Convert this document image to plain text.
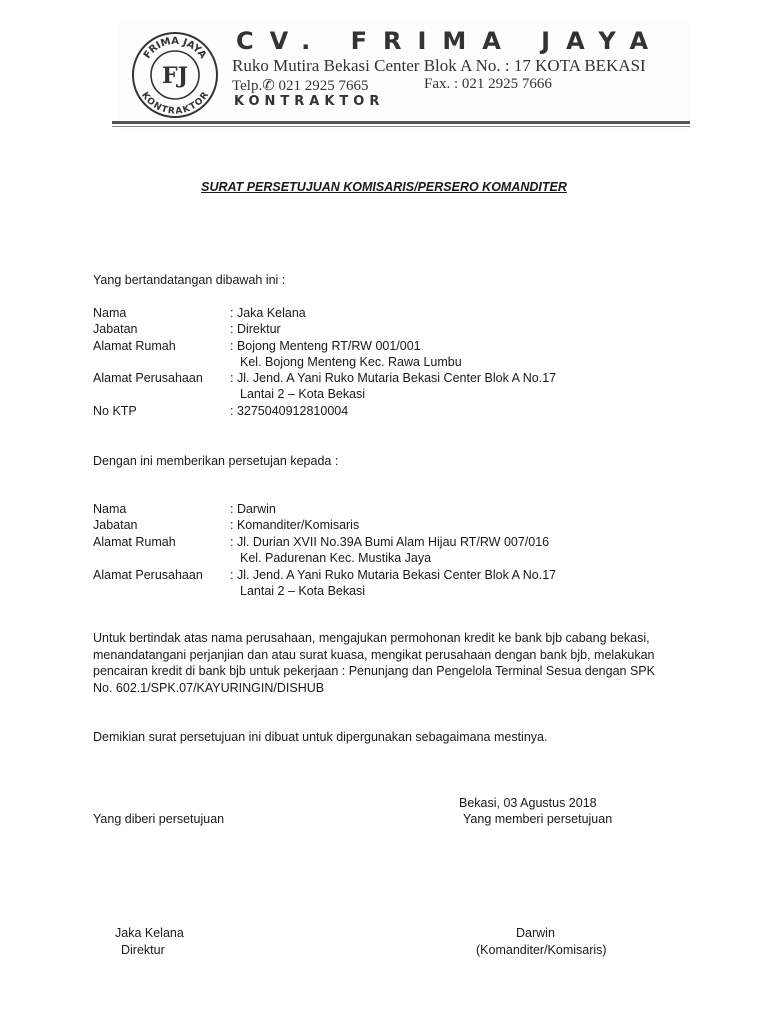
FRIMA JAYA
KONTRAKTOR
FJ
CV. FRIMA JAYA
Ruko Mutira Bekasi Center Blok A No. : 17 KOTA BEKASI
Telp.✆ 021 2925 7665	Fax. : 021 2925 7666
KONTRAKTOR
SURAT PERSETUJUAN KOMISARIS/PERSERO KOMANDITER
Yang bertandatangan dibawah ini :
Nama	: Jaka Kelana
Jabatan	: Direktur
Alamat Rumah	: Bojong Menteng RT/RW 001/001
Kel. Bojong Menteng Kec. Rawa Lumbu
Alamat Perusahaan : Jl. Jend. A Yani Ruko Mutaria Bekasi Center Blok A No.17
Lantai 2 – Kota Bekasi
No KTP	: 3275040912810004
Dengan ini memberikan persetujan kepada :
Nama	: Darwin
Jabatan	: Komanditer/Komisaris
Alamat Rumah	: Jl. Durian XVII No.39A Bumi Alam Hijau RT/RW 007/016
Kel. Padurenan Kec. Mustika Jaya
Alamat Perusahaan : Jl. Jend. A Yani Ruko Mutaria Bekasi Center Blok A No.17
Lantai 2 – Kota Bekasi
Untuk bertindak atas nama perusahaan, mengajukan permohonan kredit ke bank bjb cabang bekasi,
menandatangani perjanjian dan atau surat kuasa, mengikat perusahaan dengan bank bjb, melakukan
pencairan kredit di bank bjb untuk pekerjaan : Penunjang dan Pengelola Terminal Sesua dengan SPK
No. 602.1/SPK.07/KAYURINGIN/DISHUB
Demikian surat persetujuan ini dibuat untuk dipergunakan sebagaimana mestinya.
Bekasi, 03 Agustus 2018
Yang diberi persetujuan	Yang memberi persetujuan
Jaka Kelana
Direktur
Darwin
(Komanditer/Komisaris)
